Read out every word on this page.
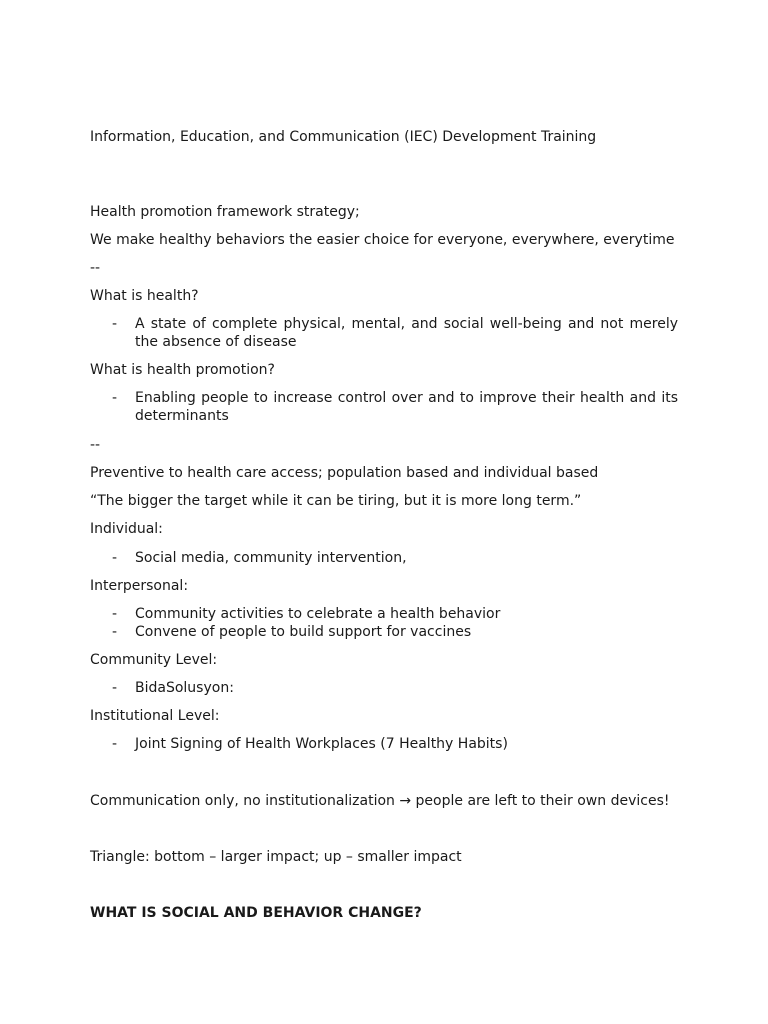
Information, Education, and Communication (IEC) Development Training
Health promotion framework strategy;
We make healthy behaviors the easier choice for everyone, everywhere, everytime
--
What is health?
- A state of complete physical, mental, and social well-being and not merely the absence of disease
What is health promotion?
- Enabling people to increase control over and to improve their health and its determinants
--
Preventive to health care access; population based and individual based
“The bigger the target while it can be tiring, but it is more long term.”
Individual:
- Social media, community intervention,
Interpersonal:
- Community activities to celebrate a health behavior
- Convene of people to build support for vaccines
Community Level:
- BidaSolusyon:
Institutional Level:
- Joint Signing of Health Workplaces (7 Healthy Habits)
Communication only, no institutionalization → people are left to their own devices!
Triangle: bottom – larger impact; up – smaller impact
WHAT IS SOCIAL AND BEHAVIOR CHANGE?
